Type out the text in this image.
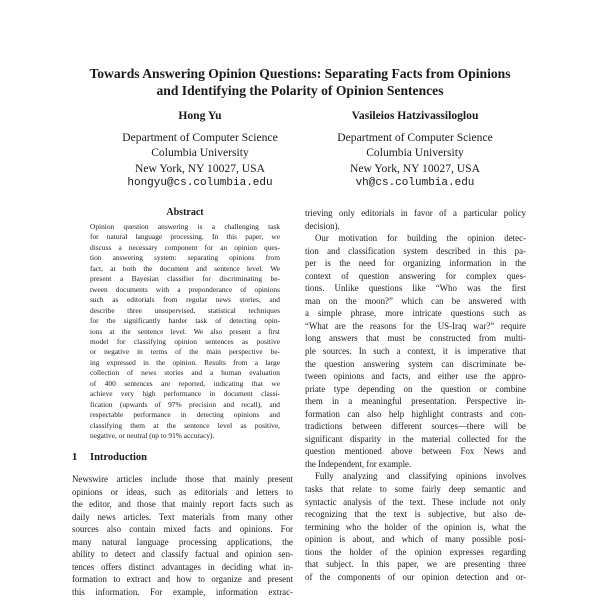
Towards Answering Opinion Questions: Separating Facts from Opinions
and Identifying the Polarity of Opinion Sentences
Hong Yu
Department of Computer Science
Columbia University
New York, NY 10027, USA
hongyu@cs.columbia.edu
Vasileios Hatzivassiloglou
Department of Computer Science
Columbia University
New York, NY 10027, USA
vh@cs.columbia.edu
Abstract
Opinion question answering is a challenging task
for natural language processing. In this paper, we
discuss a necessary component for an opinion ques-
tion answering system: separating opinions from
fact, at both the document and sentence level. We
present a Bayesian classifier for discriminating be-
tween documents with a preponderance of opinions
such as editorials from regular news stories, and
describe three unsupervised, statistical techniques
for the significantly harder task of detecting opin-
ions at the sentence level. We also present a first
model for classifying opinion sentences as positive
or negative in terms of the main perspective be-
ing expressed in the opinion. Results from a large
collection of news stories and a human evaluation
of 400 sentences are reported, indicating that we
achieve very high performance in document classi-
fication (upwards of 97% precision and recall), and
respectable performance in detecting opinions and
classifying them at the sentence level as positive,
negative, or neutral (up to 91% accuracy).
1 Introduction
Newswire articles include those that mainly present
opinions or ideas, such as editorials and letters to
the editor, and those that mainly report facts such as
daily news articles. Text materials from many other
sources also contain mixed facts and opinions. For
many natural language processing applications, the
ability to detect and classify factual and opinion sen-
tences offers distinct advantages in deciding what in-
formation to extract and how to organize and present
this information. For example, information extrac-
trieving only editorials in favor of a particular policy
decision).
Our motivation for building the opinion detec-
tion and classification system described in this pa-
per is the need for organizing information in the
context of question answering for complex ques-
tions. Unlike questions like “Who was the first
man on the moon?” which can be answered with
a simple phrase, more intricate questions such as
“What are the reasons for the US-Iraq war?” require
long answers that must be constructed from multi-
ple sources. In such a context, it is imperative that
the question answering system can discriminate be-
tween opinions and facts, and either use the appro-
priate type depending on the question or combine
them in a meaningful presentation. Perspective in-
formation can also help highlight contrasts and con-
tradictions between different sources—there will be
significant disparity in the material collected for the
question mentioned above between Fox News and
the Independent, for example.
Fully analyzing and classifying opinions involves
tasks that relate to some fairly deep semantic and
syntactic analysis of the text. These include not only
recognizing that the text is subjective, but also de-
termining who the holder of the opinion is, what the
opinion is about, and which of many possible posi-
tions the holder of the opinion expresses regarding
that subject. In this paper, we are presenting three
of the components of our opinion detection and or-
